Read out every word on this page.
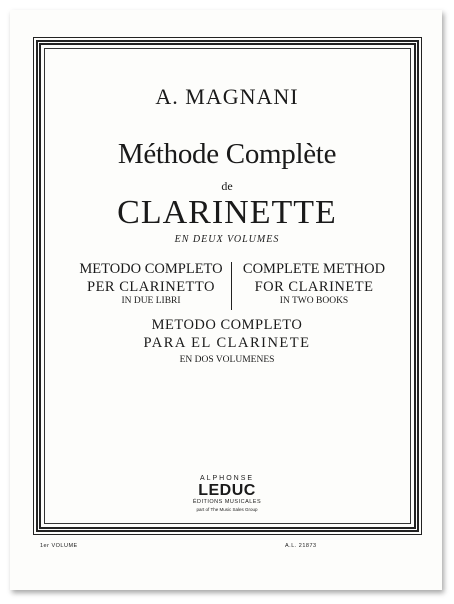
A. MAGNANI
Méthode Complète
de
CLARINETTE
EN DEUX VOLUMES
METODO COMPLETO
PER CLARINETTO
IN DUE LIBRI
COMPLETE METHOD
FOR CLARINETE
IN TWO BOOKS
METODO COMPLETO
PARA EL CLARINETE
EN DOS VOLUMENES
ALPHONSE
LEDUC
ÉDITIONS MUSICALES
part of The Music Sales Group
1er VOLUME	A.L. 21873
